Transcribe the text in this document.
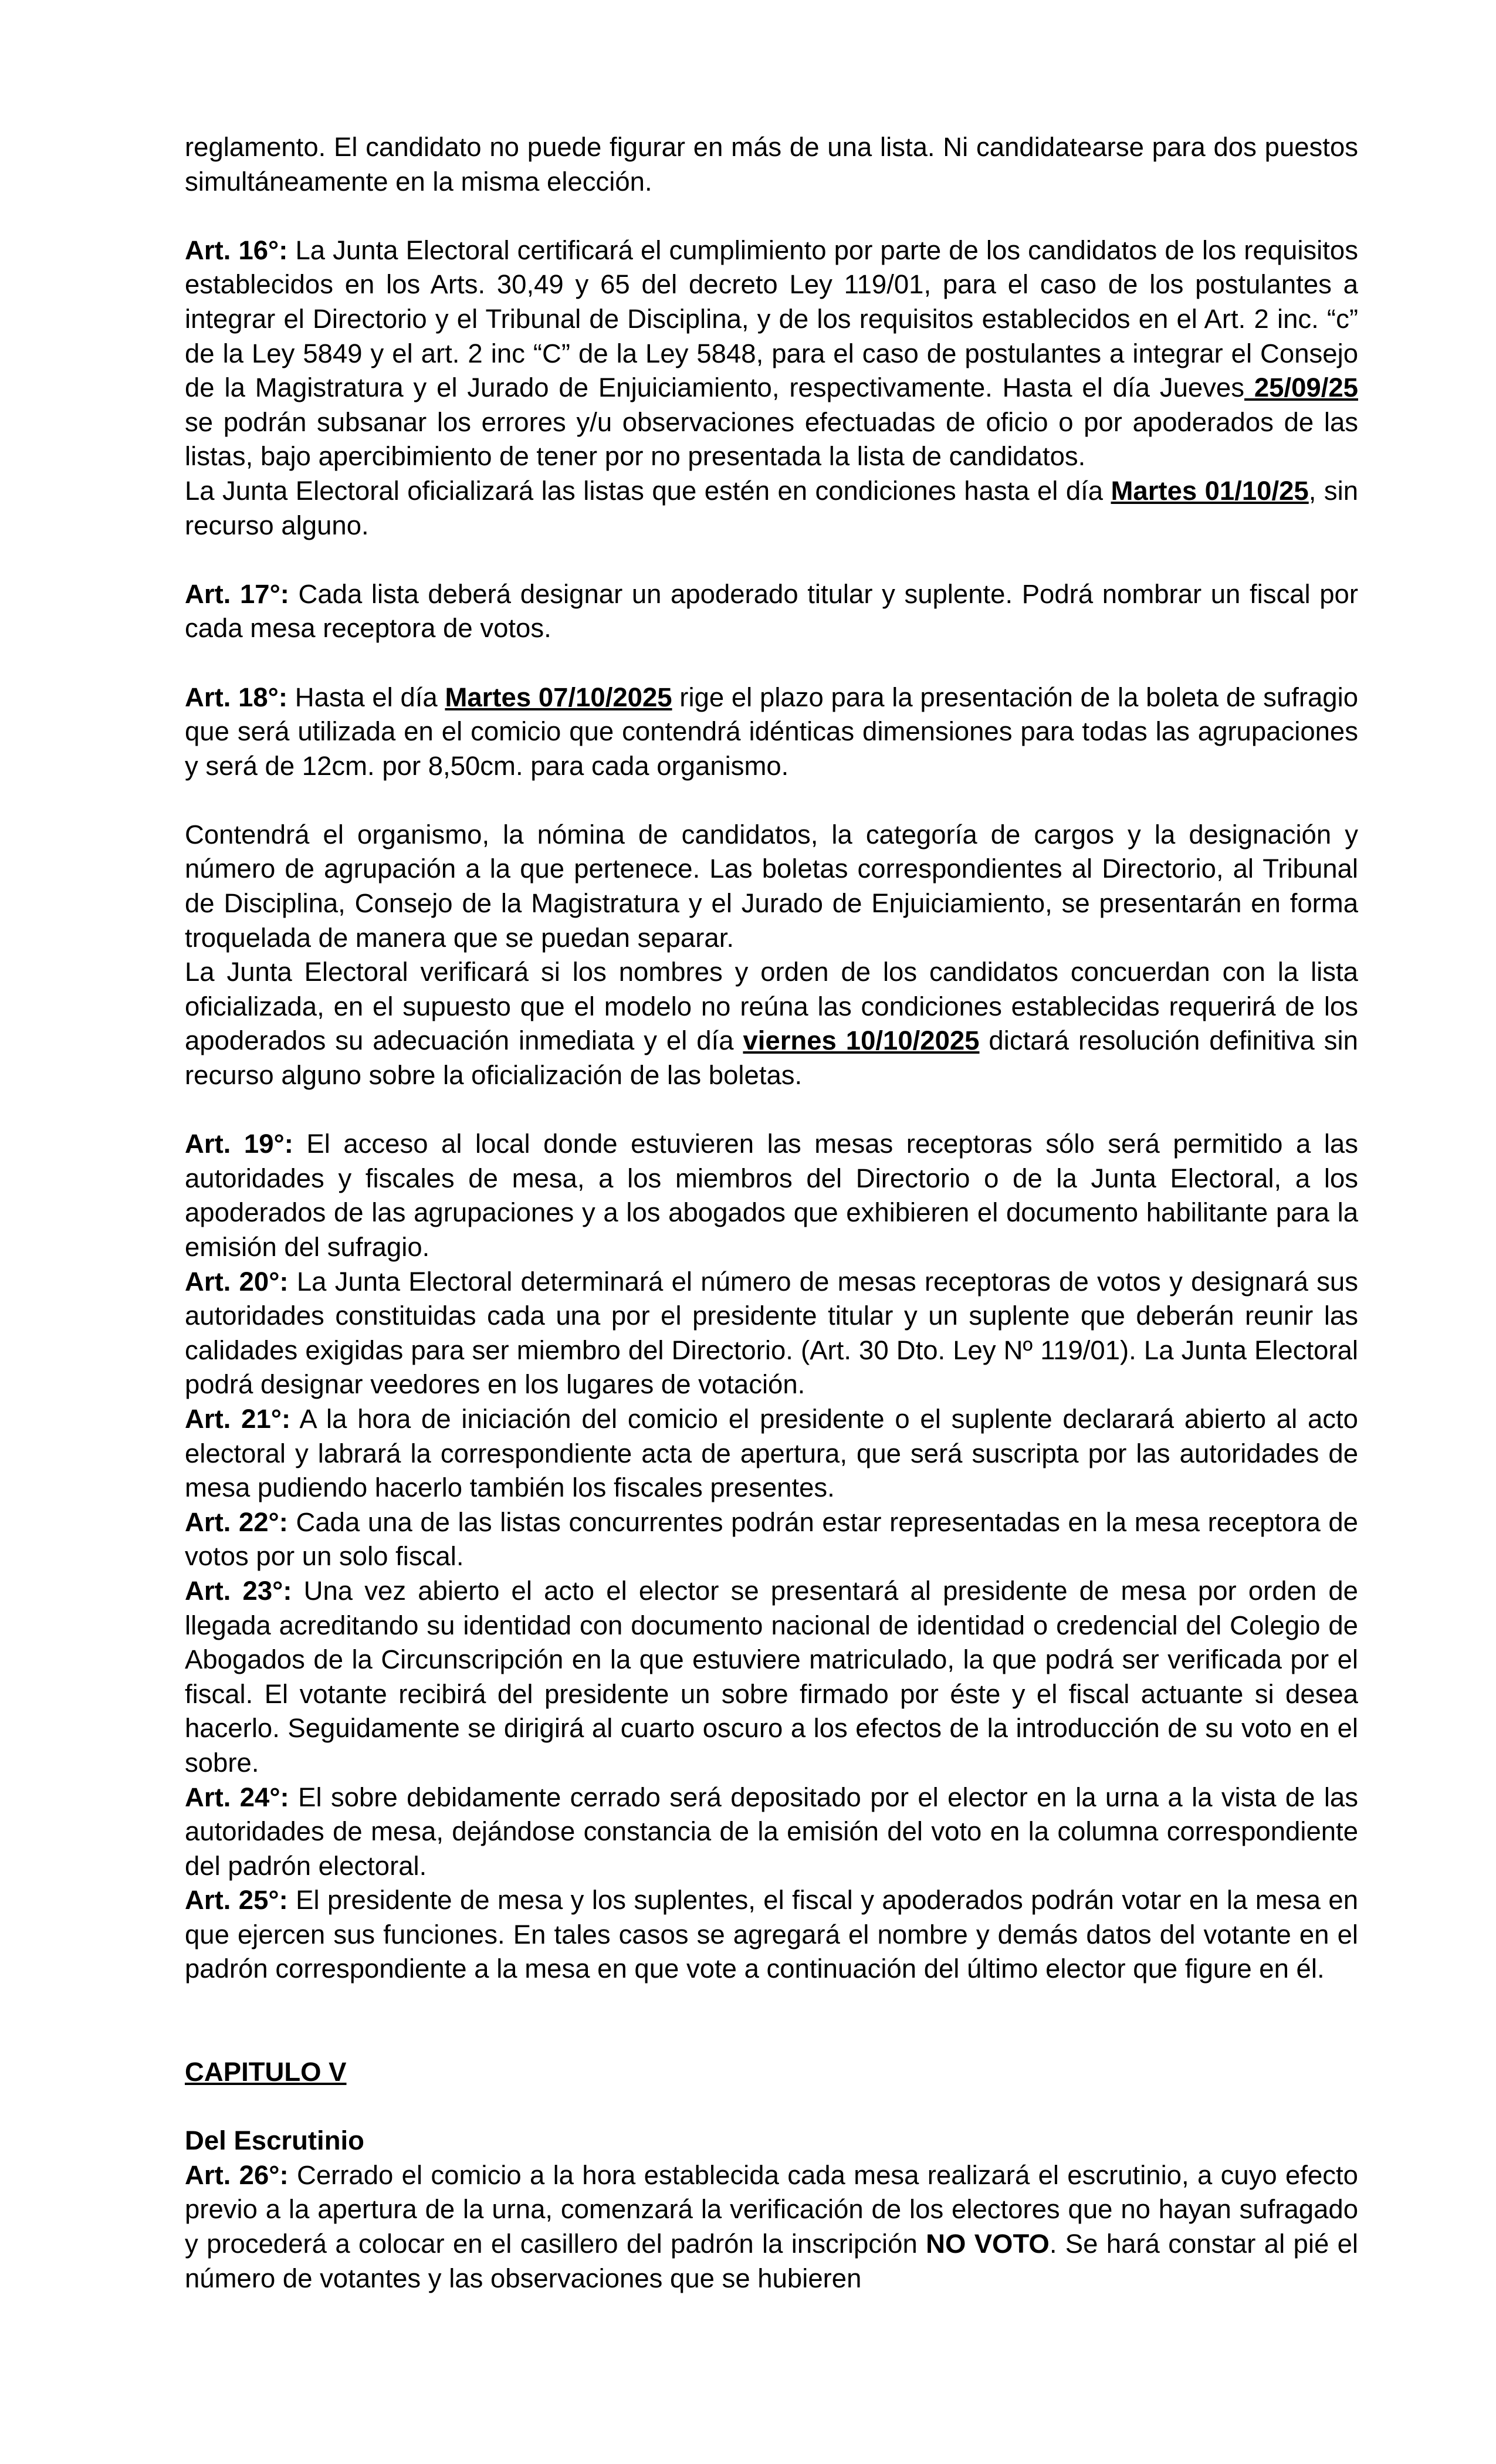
reglamento. El candidato no puede figurar en más de una lista. Ni candidatearse para dos puestos simultáneamente en la misma elección.

Art. 16°: La Junta Electoral certificará el cumplimiento por parte de los candidatos de los requisitos establecidos en los Arts. 30,49 y 65 del decreto Ley 119/01, para el caso de los postulantes a integrar el Directorio y el Tribunal de Disciplina, y de los requisitos establecidos en el Art. 2 inc. “c” de la Ley 5849 y el art. 2 inc “C” de la Ley 5848, para el caso de postulantes a integrar el Consejo de la Magistratura y el Jurado de Enjuiciamiento, respectivamente. Hasta el día Jueves 25/09/25 se podrán subsanar los errores y/u observaciones efectuadas de oficio o por apoderados de las listas, bajo apercibimiento de tener por no presentada la lista de candidatos.

La Junta Electoral oficializará las listas que estén en condiciones hasta el día Martes 01/10/25, sin recurso alguno.

Art. 17°: Cada lista deberá designar un apoderado titular y suplente. Podrá nombrar un fiscal por cada mesa receptora de votos.

Art. 18°: Hasta el día Martes 07/10/2025 rige el plazo para la presentación de la boleta de sufragio que será utilizada en el comicio que contendrá idénticas dimensiones para todas las agrupaciones y será de 12cm. por 8,50cm. para cada organismo.

Contendrá el organismo, la nómina de candidatos, la categoría de cargos y la designación y número de agrupación a la que pertenece. Las boletas correspondientes al Directorio, al Tribunal de Disciplina, Consejo de la Magistratura y el Jurado de Enjuiciamiento, se presentarán en forma troquelada de manera que se puedan separar.

La Junta Electoral verificará si los nombres y orden de los candidatos concuerdan con la lista oficializada, en el supuesto que el modelo no reúna las condiciones establecidas requerirá de los apoderados su adecuación inmediata y el día viernes 10/10/2025 dictará resolución definitiva sin recurso alguno sobre la oficialización de las boletas.

Art. 19°: El acceso al local donde estuvieren las mesas receptoras sólo será permitido a las autoridades y fiscales de mesa, a los miembros del Directorio o de la Junta Electoral, a los apoderados de las agrupaciones y a los abogados que exhibieren el documento habilitante para la emisión del sufragio.

Art. 20°: La Junta Electoral determinará el número de mesas receptoras de votos y designará sus autoridades constituidas cada una por el presidente titular y un suplente que deberán reunir las calidades exigidas para ser miembro del Directorio. (Art. 30 Dto. Ley Nº 119/01). La Junta Electoral podrá designar veedores en los lugares de votación.

Art. 21°: A la hora de iniciación del comicio el presidente o el suplente declarará abierto al acto electoral y labrará la correspondiente acta de apertura, que será suscripta por las autoridades de mesa pudiendo hacerlo también los fiscales presentes.

Art. 22°: Cada una de las listas concurrentes podrán estar representadas en la mesa receptora de votos por un solo fiscal.

Art. 23°: Una vez abierto el acto el elector se presentará al presidente de mesa por orden de llegada acreditando su identidad con documento nacional de identidad o credencial del Colegio de Abogados de la Circunscripción en la que estuviere matriculado, la que podrá ser verificada por el fiscal. El votante recibirá del presidente un sobre firmado por éste y el fiscal actuante si desea hacerlo. Seguidamente se dirigirá al cuarto oscuro a los efectos de la introducción de su voto en el sobre.

Art. 24°: El sobre debidamente cerrado será depositado por el elector en la urna a la vista de las autoridades de mesa, dejándose constancia de la emisión del voto en la columna correspondiente del padrón electoral.

Art. 25°: El presidente de mesa y los suplentes, el fiscal y apoderados podrán votar en la mesa en que ejercen sus funciones. En tales casos se agregará el nombre y demás datos del votante en el padrón correspondiente a la mesa en que vote a continuación del último elector que figure en él.

CAPITULO V

Del Escrutinio

Art. 26°: Cerrado el comicio a la hora establecida cada mesa realizará el escrutinio, a cuyo efecto previo a la apertura de la urna, comenzará la verificación de los electores que no hayan sufragado y procederá a colocar en el casillero del padrón la inscripción NO VOTO. Se hará constar al pié el número de votantes y las observaciones que se hubieren
